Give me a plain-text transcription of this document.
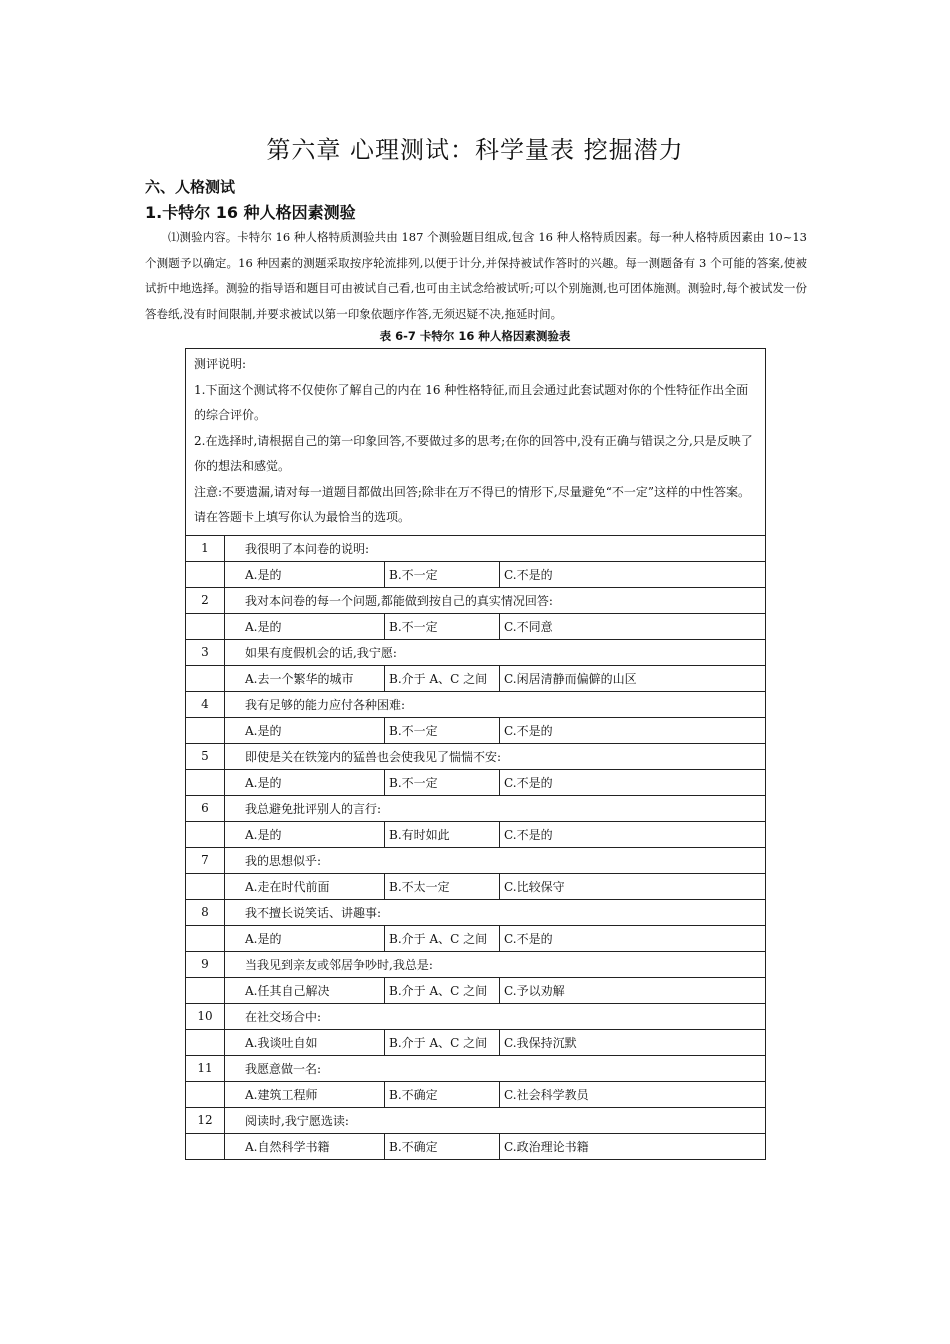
第六章 心理测试：科学量表 挖掘潜力
六、人格测试
1.卡特尔 16 种人格因素测验

⑴测验内容。卡特尔 16 种人格特质测验共由 187 个测验题目组成,包含 16 种人格特质因素。每一种人格特质因素由 10~13 个测题予以确定。16 种因素的测题采取按序轮流排列,以便于计分,并保持被试作答时的兴趣。每一测题备有 3 个可能的答案,使被试折中地选择。测验的指导语和题目可由被试自己看,也可由主试念给被试听;可以个别施测,也可团体施测。测验时,每个被试发一份答卷纸,没有时间限制,并要求被试以第一印象依题序作答,无须迟疑不决,拖延时间。

表 6-7 卡特尔 16 种人格因素测验表
测评说明:
1.下面这个测试将不仅使你了解自己的内在 16 种性格特征,而且会通过此套试题对你的个性特征作出全面的综合评价。
2.在选择时,请根据自己的第一印象回答,不要做过多的思考;在你的回答中,没有正确与错误之分,只是反映了你的想法和感觉。
注意:不要遗漏,请对每一道题目都做出回答;除非在万不得已的情形下,尽量避免“不一定”这样的中性答案。请在答题卡上填写你认为最恰当的选项。			

1	我很明了本问卷的说明:		
	A.是的	B.不一定	C.不是的
2	我对本问卷的每一个问题,都能做到按自己的真实情况回答:		
	A.是的	B.不一定	C.不同意
3	如果有度假机会的话,我宁愿:		
	A.去一个繁华的城市	B.介于 A、C 之间	C.闲居清静而偏僻的山区
4	我有足够的能力应付各种困难:		
	A.是的	B.不一定	C.不是的
5	即使是关在铁笼内的猛兽也会使我见了惴惴不安:		
	A.是的	B.不一定	C.不是的
6	我总避免批评别人的言行:		
	A.是的	B.有时如此	C.不是的
7	我的思想似乎:		
	A.走在时代前面	B.不太一定	C.比较保守
8	我不擅长说笑话、讲趣事:		
	A.是的	B.介于 A、C 之间	C.不是的
9	当我见到亲友或邻居争吵时,我总是:		
	A.任其自己解决	B.介于 A、C 之间	C.予以劝解
10	在社交场合中:		
	A.我谈吐自如	B.介于 A、C 之间	C.我保持沉默
11	我愿意做一名:		
	A.建筑工程师	B.不确定	C.社会科学教员
12	阅读时,我宁愿选读:		
	A.自然科学书籍	B.不确定	C.政治理论书籍
